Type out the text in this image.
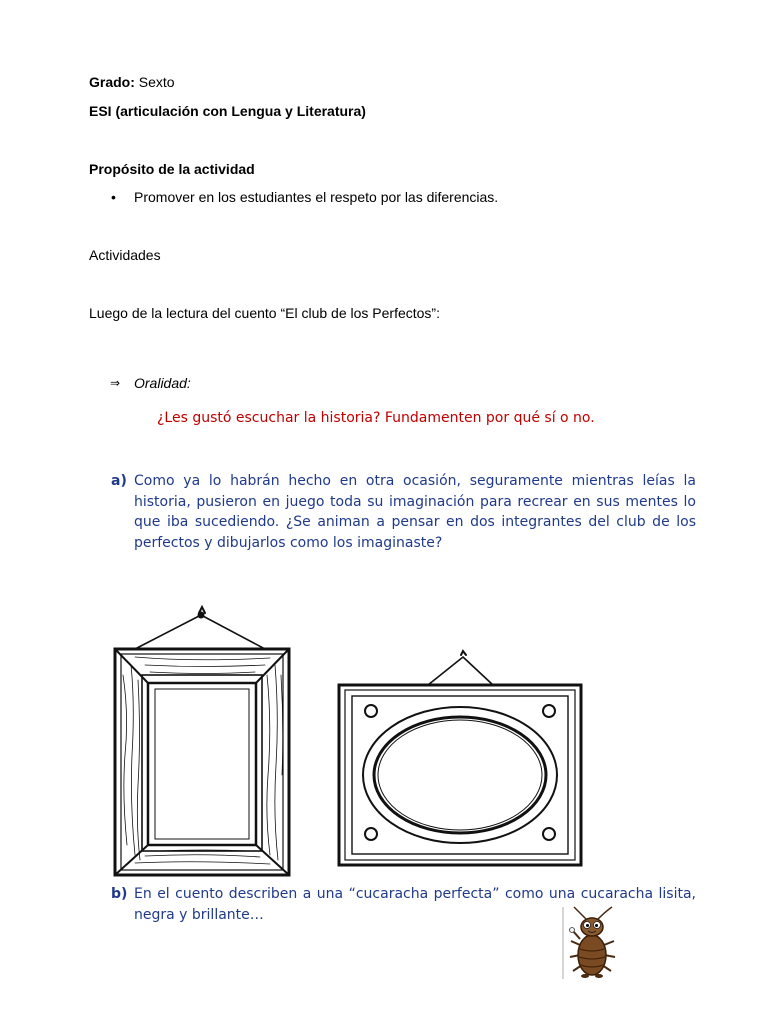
Grado: Sexto
ESI (articulación con Lengua y Literatura)
Propósito de la actividad
•	Promover en los estudiantes el respeto por las diferencias.
Actividades
Luego de la lectura del cuento “El club de los Perfectos”:
⇒ Oralidad:
¿Les gustó escuchar la historia? Fundamenten por qué sí o no.
a) Como ya lo habrán hecho en otra ocasión, seguramente mientras leías la historia, pusieron en juego toda su imaginación para recrear en sus mentes lo que iba sucediendo. ¿Se animan a pensar en dos integrantes del club de los perfectos y dibujarlos como los imaginaste?
b) En el cuento describen a una “cucaracha perfecta” como una cucaracha lisita, negra y brillante…
